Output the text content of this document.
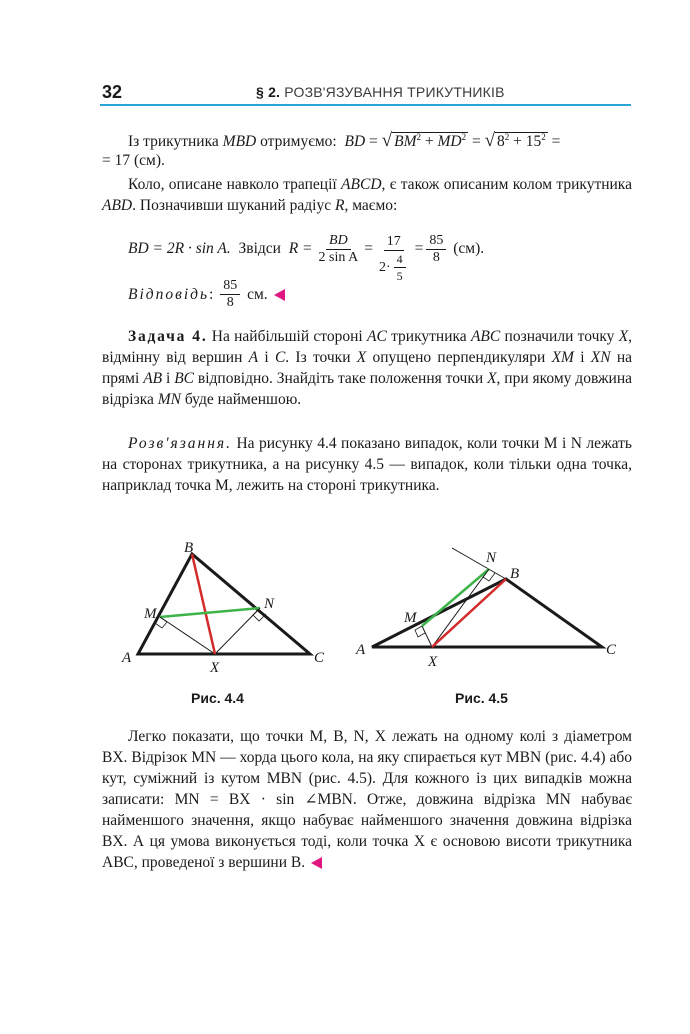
32	§ 2. РОЗВ'ЯЗУВАННЯ ТРИКУТНИКІВ
Із трикутника MBD отримуємо: BD = √ $BM^2 + MD^2$ = √ $8^2 + 15^2$ =
= 17 (см).
Коло, описане навколо трапеції ABCD, є також описаним колом трикутника ABD. Позначивши шуканий радіус R, маємо:
BD = 2R · sin A.
Звідси
$R = \frac{BD}{\text{2 sin A}} = \frac{17}{2\cdot \frac{4}{5}} = \frac{85}{8}$
(см).
Відповідь : $\frac{85}{8}$
см.
Задача 4. На найбільшій стороні AC трикутника ABC позначили точку X, відмінну від вершин A і C. Із точки X опущено перпендикуляри XM і XN на прямі AB і BC відповідно. Знайдіть таке положення точки X, при якому довжина відрізка MN буде найменшою.
Розв'язання. На рисунку 4.4 показано випадок, коли точки M і N лежать на сторонах трикутника, а на рисунку 4.5 — випадок, коли тільки одна точка, наприклад точка M, лежить на стороні трикутника.
A
B
C
M
N
X
Рис. 4.4
A
B
C
M
N
X
Рис. 4.5
Легко показати, що точки M, B, N, X лежать на одному колі з діаметром BX. Відрізок MN — хорда цього кола, на яку спирається кут MBN (рис. 4.4) або кут, суміжний із кутом MBN (рис. 4.5). Для кожного із цих випадків можна записати: MN = BX · sin ∠MBN. Отже, довжина відрізка MN набуває найменшого значення, якщо набуває найменшого значення довжина відрізка BX. А ця умова виконується тоді, коли точка X є основою висоти трикутника ABC, проведеної з вершини B.
